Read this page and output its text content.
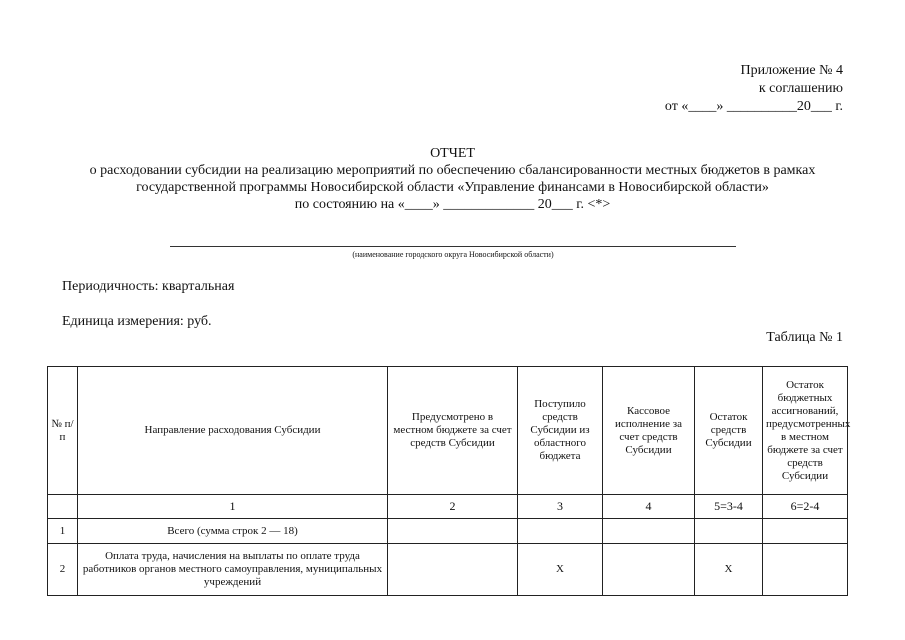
Приложение № 4
к соглашению
от «____» __________20___ г.
ОТЧЕТ
о расходовании субсидии на реализацию мероприятий по обеспечению сбалансированности местных бюджетов в рамках
государственной программы Новосибирской области «Управление финансами в Новосибирской области»
по состоянию на «____» _____________ 20___ г. <*>
(наименование городского округа Новосибирской области)
Периодичность: квартальная
Единица измерения: руб.
Таблица № 1
№ п/п	Направление расходования Субсидии	Предусмотрено в местном бюджете за счет средств Субсидии	Поступило средств Субсидии из областного бюджета	Кассовое исполнение за счет средств Субсидии	Остаток средств Субсидии	Остаток бюджетных ассигнований, предусмотренных в местном бюджете за счет средств Субсидии
	1	2	3	4	5=3-4	6=2-4
1	Всего (сумма строк 2 — 18)					
2	Оплата труда, начисления на выплаты по оплате труда работников органов местного самоуправления, муниципальных учреждений		X		X	
